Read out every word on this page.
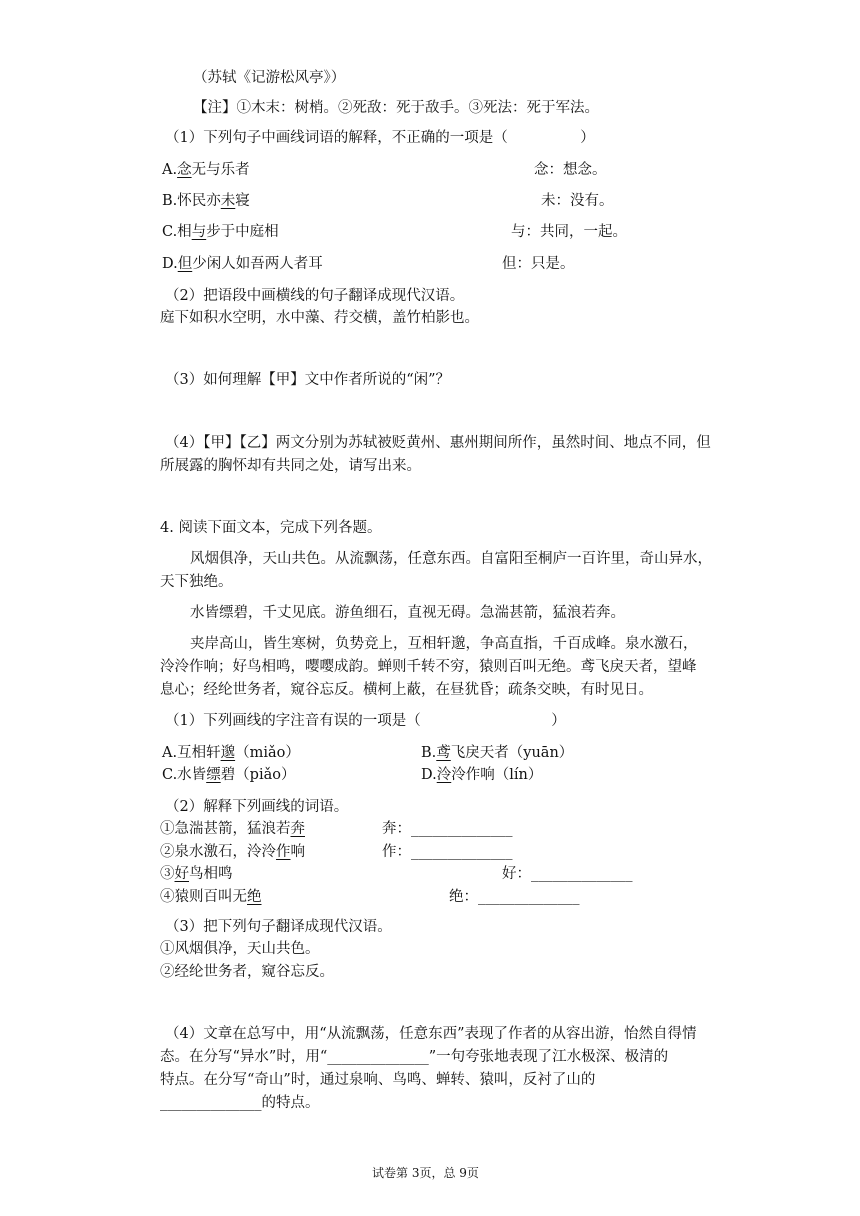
（苏轼《记游松风亭》）
【注】①木末：树梢。②死敌：死于敌手。③死法：死于军法。
（1）下列句子中画线词语的解释，不正确的一项是（　　　　　）
A.念无与乐者	念：想念。
B.怀民亦未寝	未：没有。
C.相与步于中庭相	与：共同，一起。
D.但少闲人如吾两人者耳	但：只是。
（2）把语段中画横线的句子翻译成现代汉语。
庭下如积水空明，水中藻、荇交横，盖竹柏影也。
（3）如何理解【甲】文中作者所说的“闲”？
（4）【甲】【乙】两文分别为苏轼被贬黄州、惠州期间所作，虽然时间、地点不同，但
所展露的胸怀却有共同之处，请写出来。
4. 阅读下面文本，完成下列各题。
风烟俱净，天山共色。从流飘荡，任意东西。自富阳至桐庐一百许里，奇山异水，
天下独绝。
水皆缥碧，千丈见底。游鱼细石，直视无碍。急湍甚箭，猛浪若奔。
夹岸高山，皆生寒树，负势竞上，互相轩邈，争高直指，千百成峰。泉水激石，
泠泠作响；好鸟相鸣，嘤嘤成韵。蝉则千转不穷，猿则百叫无绝。鸢飞戾天者，望峰
息心；经纶世务者，窥谷忘反。横柯上蔽，在昼犹昏；疏条交映，有时见日。
（1）下列画线的字注音有误的一项是（　　　　　　　　　）
A.互相轩邈（miǎo）	B.鸢飞戾天者（yuān）
C.水皆缥碧（piǎo）	D.泠泠作响（lín）
（2）解释下列画线的词语。
①急湍甚箭，猛浪若奔	奔：______________
②泉水激石，泠泠作响	作：______________
③好鸟相鸣	好：______________
④猿则百叫无绝	绝：______________
（3）把下列句子翻译成现代汉语。
①风烟俱净，天山共色。
②经纶世务者，窥谷忘反。
（4）文章在总写中，用“从流飘荡，任意东西”表现了作者的从容出游，怡然自得情
态。在分写“异水”时，用“______________”一句夸张地表现了江水极深、极清的
特点。在分写“奇山”时，通过泉响、鸟鸣、蝉转、猿叫，反衬了山的
______________的特点。
试卷第 3页，总 9页
